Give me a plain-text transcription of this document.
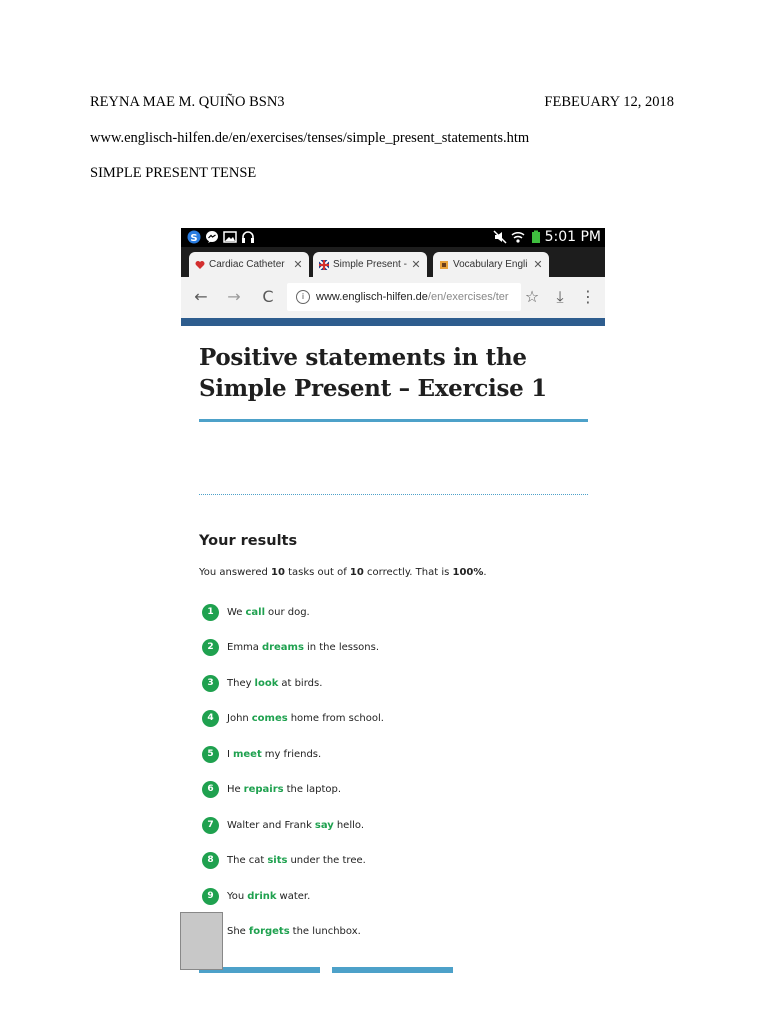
REYNA MAE M. QUIÑO BSN3	FEBEUARY 12, 2018
www.englisch-hilfen.de/en/exercises/tenses/simple_present_statements.htm
SIMPLE PRESENT TENSE
S	5:01 PM
Cardiac Catheter ✕	Simple Present - ✕	Vocabulary Engli ✕
← →	C	i	www.englisch-hilfen.de /en/exercises/ter ☆	⤓	⋮
Positive statements in the Simple Present – Exercise 1
Your results
You answered 10 tasks out of 10 correctly. That is 100%.
1	We call our dog.
2	Emma dreams in the lessons.
3	They look at birds.
4	John comes home from school.
5	I meet my friends.
6	He repairs the laptop.
7	Walter and Frank say hello.
8	The cat sits under the tree.
9	You drink water.
She forgets the lunchbox.
